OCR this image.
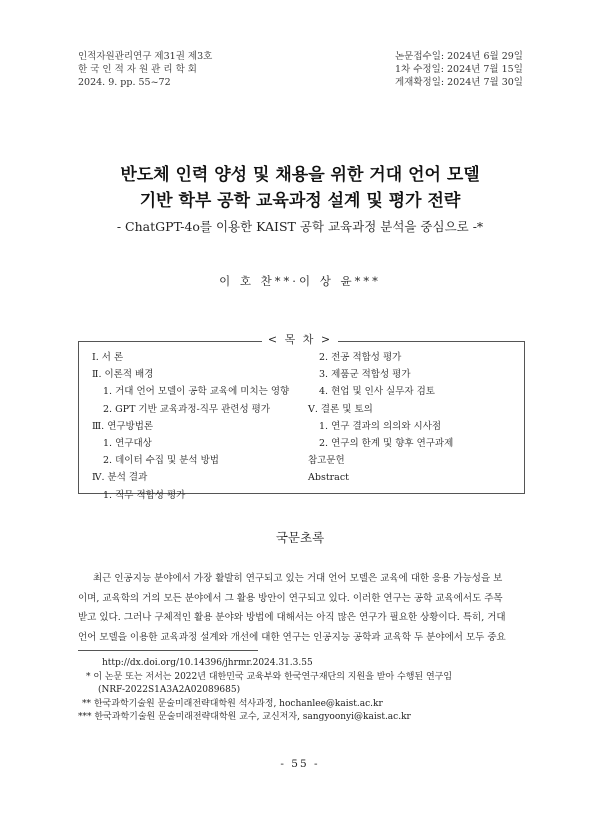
인적자원관리연구 제31권 제3호
한 국 인 적 자 원 관 리 학 회
2024. 9. pp. 55~72
논문접수일: 2024년 6월 29일
1차 수정일: 2024년 7월 15일
게재확정일: 2024년 7월 30일
반도체 인력 양성 및 채용을 위한 거대 언어 모델
기반 학부 공학 교육과정 설계 및 평가 전략
- ChatGPT-4o를 이용한 KAIST 공학 교육과정 분석을 중심으로 -*
이 호 찬**·이 상 윤***
< 목 차 >
Ⅰ. 서 론
Ⅱ. 이론적 배경
1. 거대 언어 모델이 공학 교육에 미치는 영향
2. GPT 기반 교육과정-직무 관련성 평가
Ⅲ. 연구방법론
1. 연구대상
2. 데이터 수집 및 분석 방법
Ⅳ. 분석 결과
1. 직무 적합성 평가
2. 전공 적합성 평가
3. 제품군 적합성 평가
4. 현업 및 인사 실무자 검토
Ⅴ. 결론 및 토의
1. 연구 결과의 의의와 시사점
2. 연구의 한계 및 향후 연구과제
참고문헌
Abstract
국문초록

최근 인공지능 분야에서 가장 활발히 연구되고 있는 거대 언어 모델은 교육에 대한 응용 가능성을 보

이며, 교육학의 거의 모든 분야에서 그 활용 방안이 연구되고 있다. 이러한 연구는 공학 교육에서도 주목
받고 있다. 그러나 구체적인 활용 분야와 방법에 대해서는 아직 많은 연구가 필요한 상황이다. 특히, 거대
언어 모델을 이용한 교육과정 설계와 개선에 대한 연구는 인공지능 공학과 교육학 두 분야에서 모두 중요
http://dx.doi.org/10.14396/jhrmr.2024.31.3.55
* 이 논문 또는 저서는 2022년 대한민국 교육부와 한국연구재단의 지원을 받아 수행된 연구임
(NRF-2022S1A3A2A02089685)
** 한국과학기술원 문술미래전략대학원 석사과정, hochanlee@kaist.ac.kr
*** 한국과학기술원 문술미래전략대학원 교수, 교신저자, sangyoonyi@kaist.ac.kr
- 55 -
